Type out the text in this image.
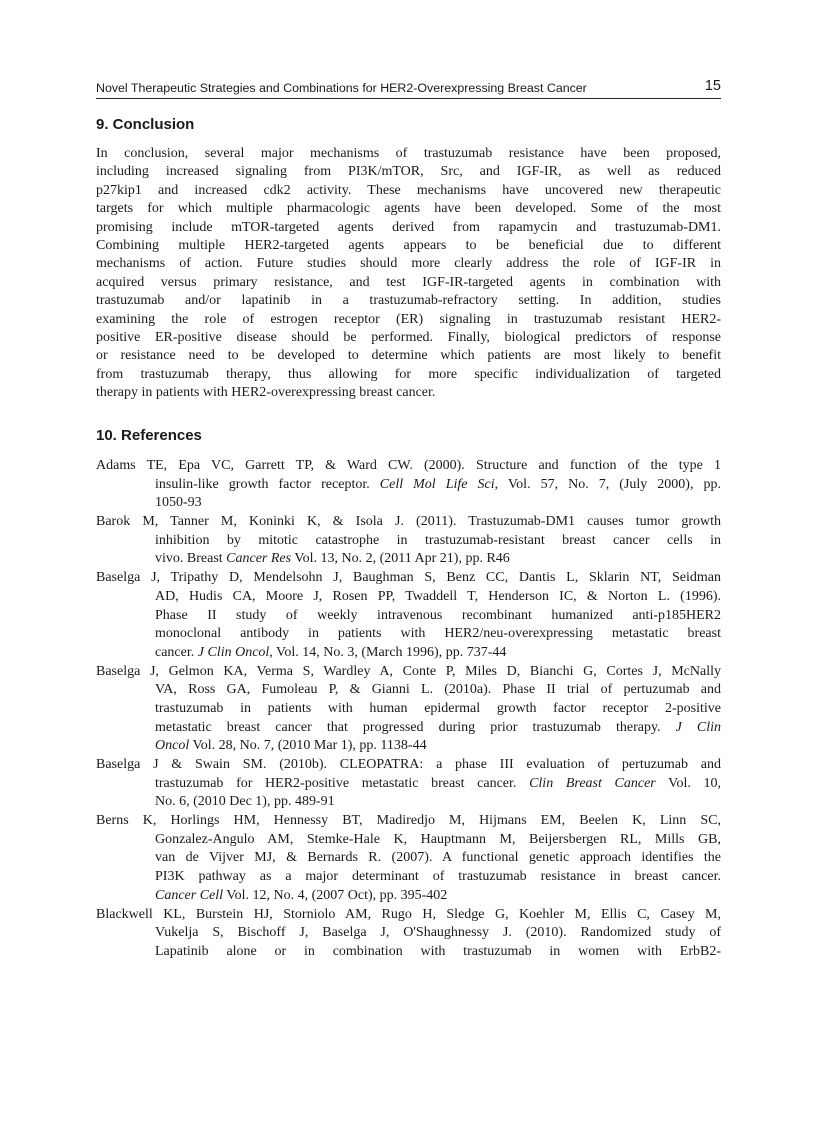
Novel Therapeutic Strategies and Combinations for HER2-Overexpressing Breast Cancer	15
9. Conclusion
In conclusion, several major mechanisms of trastuzumab resistance have been proposed,
including increased signaling from PI3K/mTOR, Src, and IGF-IR, as well as reduced
p27kip1 and increased cdk2 activity. These mechanisms have uncovered new therapeutic
targets for which multiple pharmacologic agents have been developed. Some of the most
promising include mTOR-targeted agents derived from rapamycin and trastuzumab-DM1.
Combining multiple HER2-targeted agents appears to be beneficial due to different
mechanisms of action. Future studies should more clearly address the role of IGF-IR in
acquired versus primary resistance, and test IGF-IR-targeted agents in combination with
trastuzumab and/or lapatinib in a trastuzumab-refractory setting. In addition, studies
examining the role of estrogen receptor (ER) signaling in trastuzumab resistant HER2-
positive ER-positive disease should be performed. Finally, biological predictors of response
or resistance need to be developed to determine which patients are most likely to benefit
from trastuzumab therapy, thus allowing for more specific individualization of targeted
therapy in patients with HER2-overexpressing breast cancer.
10. References
Adams TE, Epa VC, Garrett TP, & Ward CW. (2000). Structure and function of the type 1
insulin-like growth factor receptor. Cell Mol Life Sci, Vol. 57, No. 7, (July 2000), pp.
1050-93
Barok M, Tanner M, Koninki K, & Isola J. (2011). Trastuzumab-DM1 causes tumor growth
inhibition by mitotic catastrophe in trastuzumab-resistant breast cancer cells in
vivo. Breast Cancer Res Vol. 13, No. 2, (2011 Apr 21), pp. R46
Baselga J, Tripathy D, Mendelsohn J, Baughman S, Benz CC, Dantis L, Sklarin NT, Seidman
AD, Hudis CA, Moore J, Rosen PP, Twaddell T, Henderson IC, & Norton L. (1996).
Phase II study of weekly intravenous recombinant humanized anti-p185HER2
monoclonal antibody in patients with HER2/neu-overexpressing metastatic breast
cancer. J Clin Oncol, Vol. 14, No. 3, (March 1996), pp. 737-44
Baselga J, Gelmon KA, Verma S, Wardley A, Conte P, Miles D, Bianchi G, Cortes J, McNally
VA, Ross GA, Fumoleau P, & Gianni L. (2010a). Phase II trial of pertuzumab and
trastuzumab in patients with human epidermal growth factor receptor 2-positive
metastatic breast cancer that progressed during prior trastuzumab therapy. J Clin
Oncol Vol. 28, No. 7, (2010 Mar 1), pp. 1138-44
Baselga J & Swain SM. (2010b). CLEOPATRA: a phase III evaluation of pertuzumab and
trastuzumab for HER2-positive metastatic breast cancer. Clin Breast Cancer Vol. 10,
No. 6, (2010 Dec 1), pp. 489-91
Berns K, Horlings HM, Hennessy BT, Madiredjo M, Hijmans EM, Beelen K, Linn SC,
Gonzalez-Angulo AM, Stemke-Hale K, Hauptmann M, Beijersbergen RL, Mills GB,
van de Vijver MJ, & Bernards R. (2007). A functional genetic approach identifies the
PI3K pathway as a major determinant of trastuzumab resistance in breast cancer.
Cancer Cell Vol. 12, No. 4, (2007 Oct), pp. 395-402
Blackwell KL, Burstein HJ, Storniolo AM, Rugo H, Sledge G, Koehler M, Ellis C, Casey M,
Vukelja S, Bischoff J, Baselga J, O'Shaughnessy J. (2010). Randomized study of
Lapatinib alone or in combination with trastuzumab in women with ErbB2-
